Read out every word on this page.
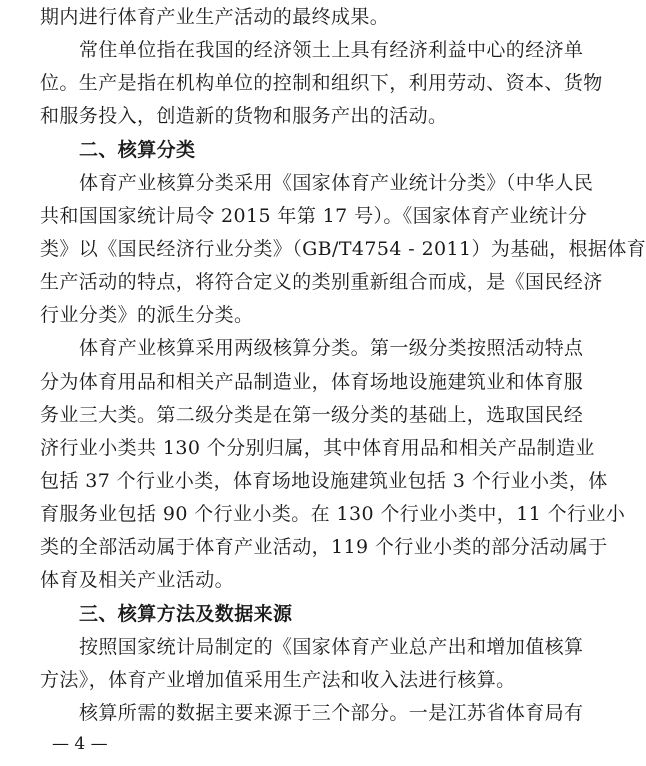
期内进行体育产业生产活动的最终成果。
常住单位指在我国的经济领土上具有经济利益中心的经济单
位。生产是指在机构单位的控制和组织下，利用劳动、资本、货物
和服务投入，创造新的货物和服务产出的活动。
二、核算分类
体育产业核算分类采用《国家体育产业统计分类》（中华人民
共和国国家统计局令 2015 年第 17 号）。《国家体育产业统计分
类》以《国民经济行业分类》（GB/T4754 - 2011）为基础，根据体育
生产活动的特点，将符合定义的类别重新组合而成，是《国民经济
行业分类》的派生分类。
体育产业核算采用两级核算分类。第一级分类按照活动特点
分为体育用品和相关产品制造业，体育场地设施建筑业和体育服
务业三大类。第二级分类是在第一级分类的基础上，选取国民经
济行业小类共 130 个分别归属，其中体育用品和相关产品制造业
包括 37 个行业小类，体育场地设施建筑业包括 3 个行业小类，体
育服务业包括 90 个行业小类。在 130 个行业小类中，11 个行业小
类的全部活动属于体育产业活动，119 个行业小类的部分活动属于
体育及相关产业活动。
三、核算方法及数据来源
按照国家统计局制定的《国家体育产业总产出和增加值核算
方法》，体育产业增加值采用生产法和收入法进行核算。
核算所需的数据主要来源于三个部分。一是江苏省体育局有
— 4 —
